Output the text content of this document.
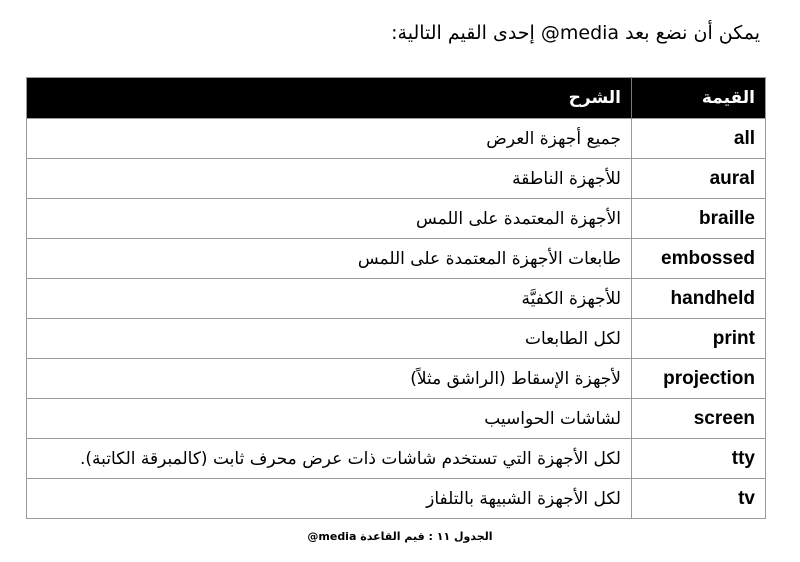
يمكن أن نضع بعد media@ إحدى القيم التالية:
القيمة	الشرح
all	جميع أجهزة العرض
aural	للأجهزة الناطقة
braille	الأجهزة المعتمدة على اللمس
embossed	طابعات الأجهزة المعتمدة على اللمس
handheld	للأجهزة الكفيَّة
print	لكل الطابعات
projection	لأجهزة الإسقاط (الراشق مثلاً)
screen	لشاشات الحواسيب
tty	لكل الأجهزة التي تستخدم شاشات ذات عرض محرف ثابت (كالمبرقة الكاتبة).
tv	لكل الأجهزة الشبيهة بالتلفاز
الجدول ١١ : قيم القاعدة media@
